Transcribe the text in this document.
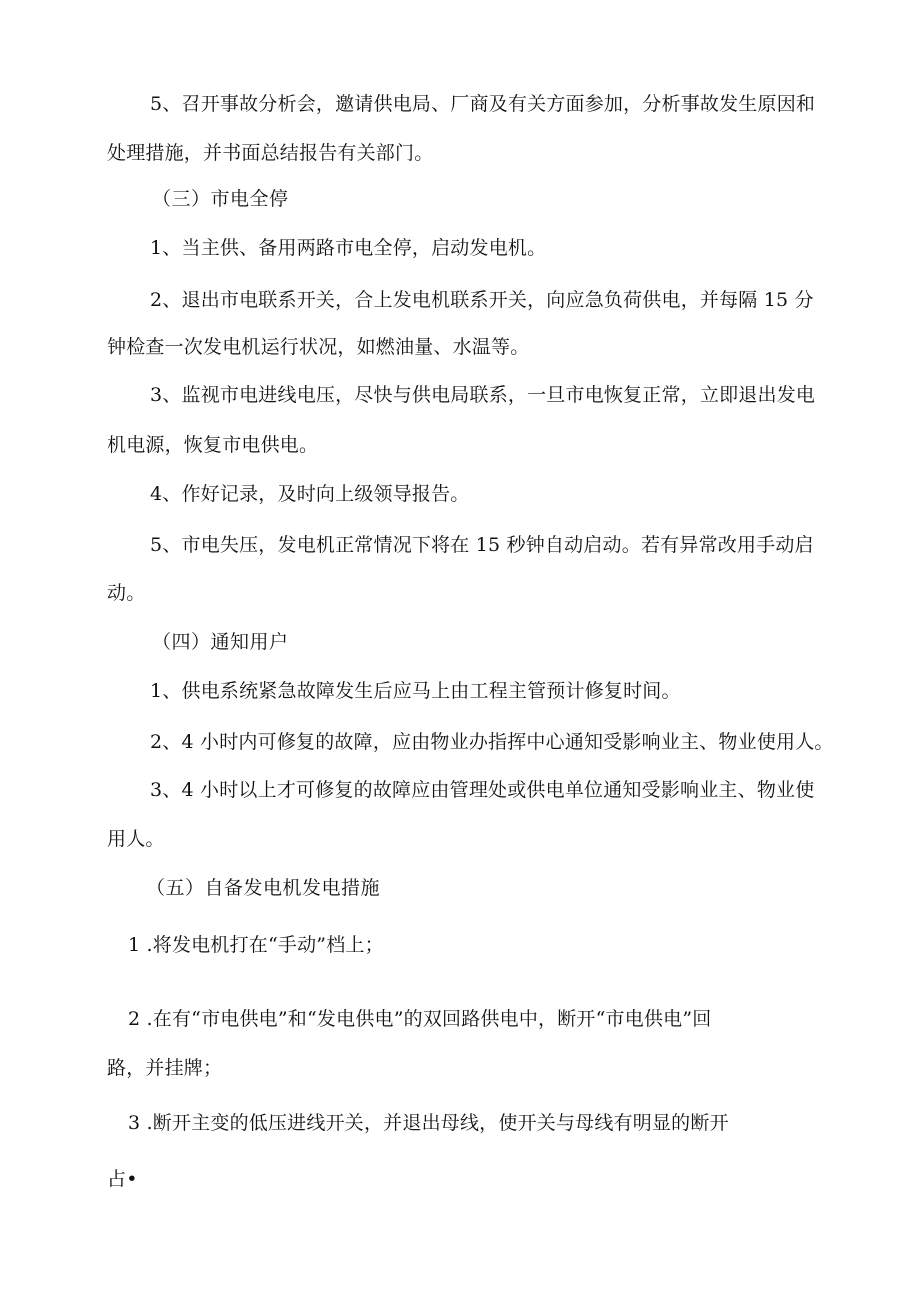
5、召开事故分析会，邀请供电局、厂商及有关方面参加，分析事故发生原因和
处理措施，并书面总结报告有关部门。
（三）市电全停
1、当主供、备用两路市电全停，启动发电机。
2、退出市电联系开关，合上发电机联系开关，向应急负荷供电，并每隔 15 分
钟检查一次发电机运行状况，如燃油量、水温等。
3、监视市电进线电压，尽快与供电局联系，一旦市电恢复正常，立即退出发电
机电源，恢复市电供电。
4、作好记录，及时向上级领导报告。
5、市电失压，发电机正常情况下将在 15 秒钟自动启动。若有异常改用手动启
动。
（四）通知用户
1、供电系统紧急故障发生后应马上由工程主管预计修复时间。
2、4 小时内可修复的故障，应由物业办指挥中心通知受影响业主、物业使用人。
3、4 小时以上才可修复的故障应由管理处或供电单位通知受影响业主、物业使
用人。
（五）自备发电机发电措施
1 .将发电机打在“手动”档上；
2 .在有“市电供电”和“发电供电”的双回路供电中，断开“市电供电”回
路，并挂牌；
3 .断开主变的低压进线开关，并退出母线，使开关与母线有明显的断开
占•
